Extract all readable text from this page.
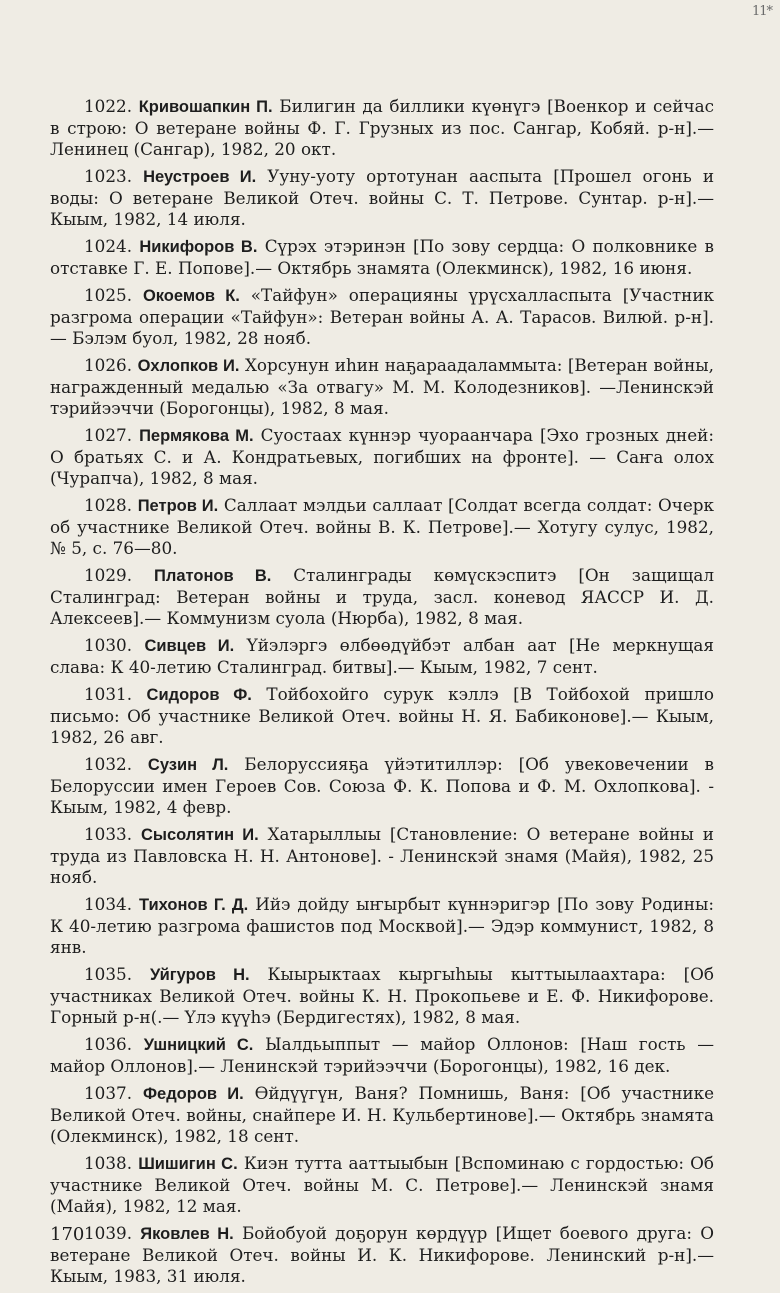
11*

1022. Кривошапкин П. Билигин да биллики күөнүгэ [Военкор и сейчас в строю: О ветеране войны Ф. Г. Грузных из пос. Сангар, Кобяй. р-н].— Ленинец (Сангар), 1982, 20 окт.

1023. Неустроев И. Ууну-уоту ортотунан ааспыта [Прошел огонь и воды: О ветеране Великой Отеч. войны С. Т. Петрове. Сунтар. р-н].— Кыым, 1982, 14 июля.

1024. Никифоров В. Сүрэх этэринэн [По зову сердца: О полковнике в отставке Г. Е. Попове].— Октябрь знамята (Олекминск), 1982, 16 июня.

1025. Окоемов К. «Тайфун» операцияны үрүсхалласпыта [Участник разгрома операции «Тайфун»: Ветеран войны А. А. Тарасов. Вилюй. р-н].— Бэлэм буол, 1982, 28 нояб.

1026. Охлопков И. Хорсунун иһин наҕараадаламмыта: [Ветеран войны, награжденный медалью «За отвагу» М. М. Колодезников]. —Ленинскэй тэрийээччи (Борогонцы), 1982, 8 мая.

1027. Пермякова М. Суостаах күннэр чуораанчара [Эхо грозных дней: О братьях С. и А. Кондратьевых, погибших на фронте]. — Саҥа олох (Чурапча), 1982, 8 мая.

1028. Петров И. Саллаат мэлдьи саллаат [Солдат всегда солдат: Очерк об участнике Великой Отеч. войны В. К. Петрове].— Хотугу сулус, 1982, № 5, с. 76—80.

1029. Платонов В. Сталинграды көмүскэспитэ [Он защищал Сталинград: Ветеран войны и труда, засл. коневод ЯАССР И. Д. Алексеев].— Коммунизм суола (Нюрба), 1982, 8 мая.

1030. Сивцев И. Үйэлэргэ өлбөөдүйбэт албан аат [Не меркнущая слава: К 40-летию Сталинград. битвы].— Кыым, 1982, 7 сент.

1031. Сидоров Ф. Тойбохойго сурук кэллэ [В Тойбохой пришло письмо: Об участнике Великой Отеч. войны Н. Я. Бабиконове].— Кыым, 1982, 26 авг.

1032. Сузин Л. Белоруссияҕа үйэтитиллэр: [Об увековечении в Белоруссии имен Героев Сов. Союза Ф. К. Попова и Ф. М. Охлопкова]. - Кыым, 1982, 4 февр.

1033. Сысолятин И. Хатарыллыы [Становление: О ветеране войны и труда из Павловска Н. Н. Антонове]. - Ленинскэй знамя (Майя), 1982, 25 нояб.

1034. Тихонов Г. Д. Ийэ дойду ыҥырбыт күннэригэр [По зову Родины: К 40-летию разгрома фашистов под Москвой].— Эдэр коммунист, 1982, 8 янв.

1035. Уйгуров Н. Кыырыктаах кыргыһыы кыттыылаахтара: [Об участниках Великой Отеч. войны К. Н. Прокопьеве и Е. Ф. Никифорове. Горный р-н(.— Үлэ күүһэ (Бердигестях), 1982, 8 мая.

1036. Ушницкий С. Ыалдьыппыт — майор Оллонов: [Наш гость — майор Оллонов].— Ленинскэй тэрийээччи (Борогонцы), 1982, 16 дек.

1037. Федоров И. Өйдүүгүн, Ваня? Помнишь, Ваня: [Об участнике Великой Отеч. войны, снайпере И. Н. Кульбертинове].— Октябрь знамята (Олекминск), 1982, 18 сент.

1038. Шишигин С. Киэн тутта ааттыыбын [Вспоминаю с гордостью: Об участнике Великой Отеч. войны М. С. Петрове].— Ленинскэй знамя (Майя), 1982, 12 мая.

1039. Яковлев Н. Бойобуой доҕорун көрдүүр [Ищет боевого друга: О ветеране Великой Отеч. войны И. К. Никифорове. Ленинский р-н].— Кыым, 1983, 31 июля.

170
